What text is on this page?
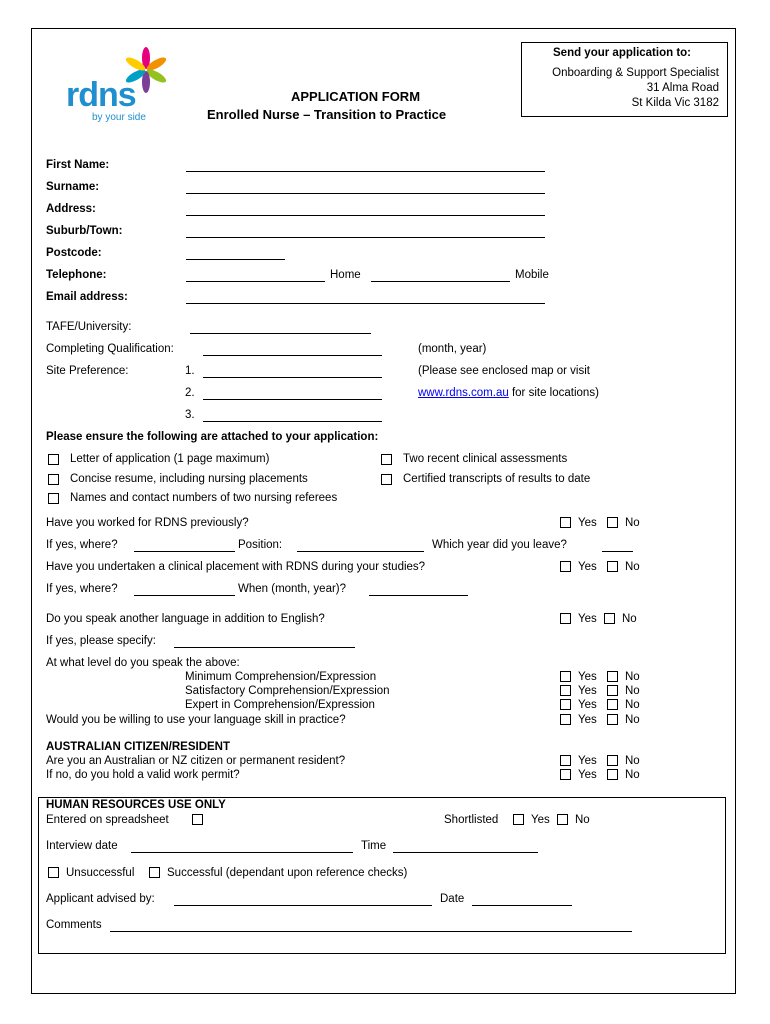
rdns
by your side
APPLICATION FORM
Enrolled Nurse – Transition to Practice
Send your application to:
Onboarding & Support Specialist
31 Alma Road
St Kilda Vic 3182
First Name:
Surname:
Address:
Suburb/Town:
Postcode:
Telephone:	Home	Mobile
Email address:
TAFE/University:
Completing Qualification:	(month, year)
Site Preference:	1.	(Please see enclosed map or visit
2.	www.rdns.com.au for site locations)
3.
Please ensure the following are attached to your application:
Letter of application (1 page maximum)	Two recent clinical assessments
Concise resume, including nursing placements	Certified transcripts of results to date
Names and contact numbers of two nursing referees
Have you worked for RDNS previously?	Yes No
If yes, where?	Position:	Which year did you leave?
Have you undertaken a clinical placement with RDNS during your studies?	Yes No
If yes, where?	When (month, year)?
Do you speak another language in addition to English?	Yes No
If yes, please specify:
At what level do you speak the above:
Minimum Comprehension/Expression	Yes No
Satisfactory Comprehension/Expression	Yes No
Expert in Comprehension/Expression	Yes No
Would you be willing to use your language skill in practice?	Yes No
AUSTRALIAN CITIZEN/RESIDENT
Are you an Australian or NZ citizen or permanent resident?	Yes No
If no, do you hold a valid work permit?	Yes No
HUMAN RESOURCES USE ONLY
Entered on spreadsheet	Shortlisted	Yes No
Interview date	Time
Unsuccessful	Successful (dependant upon reference checks)
Applicant advised by:	Date
Comments
